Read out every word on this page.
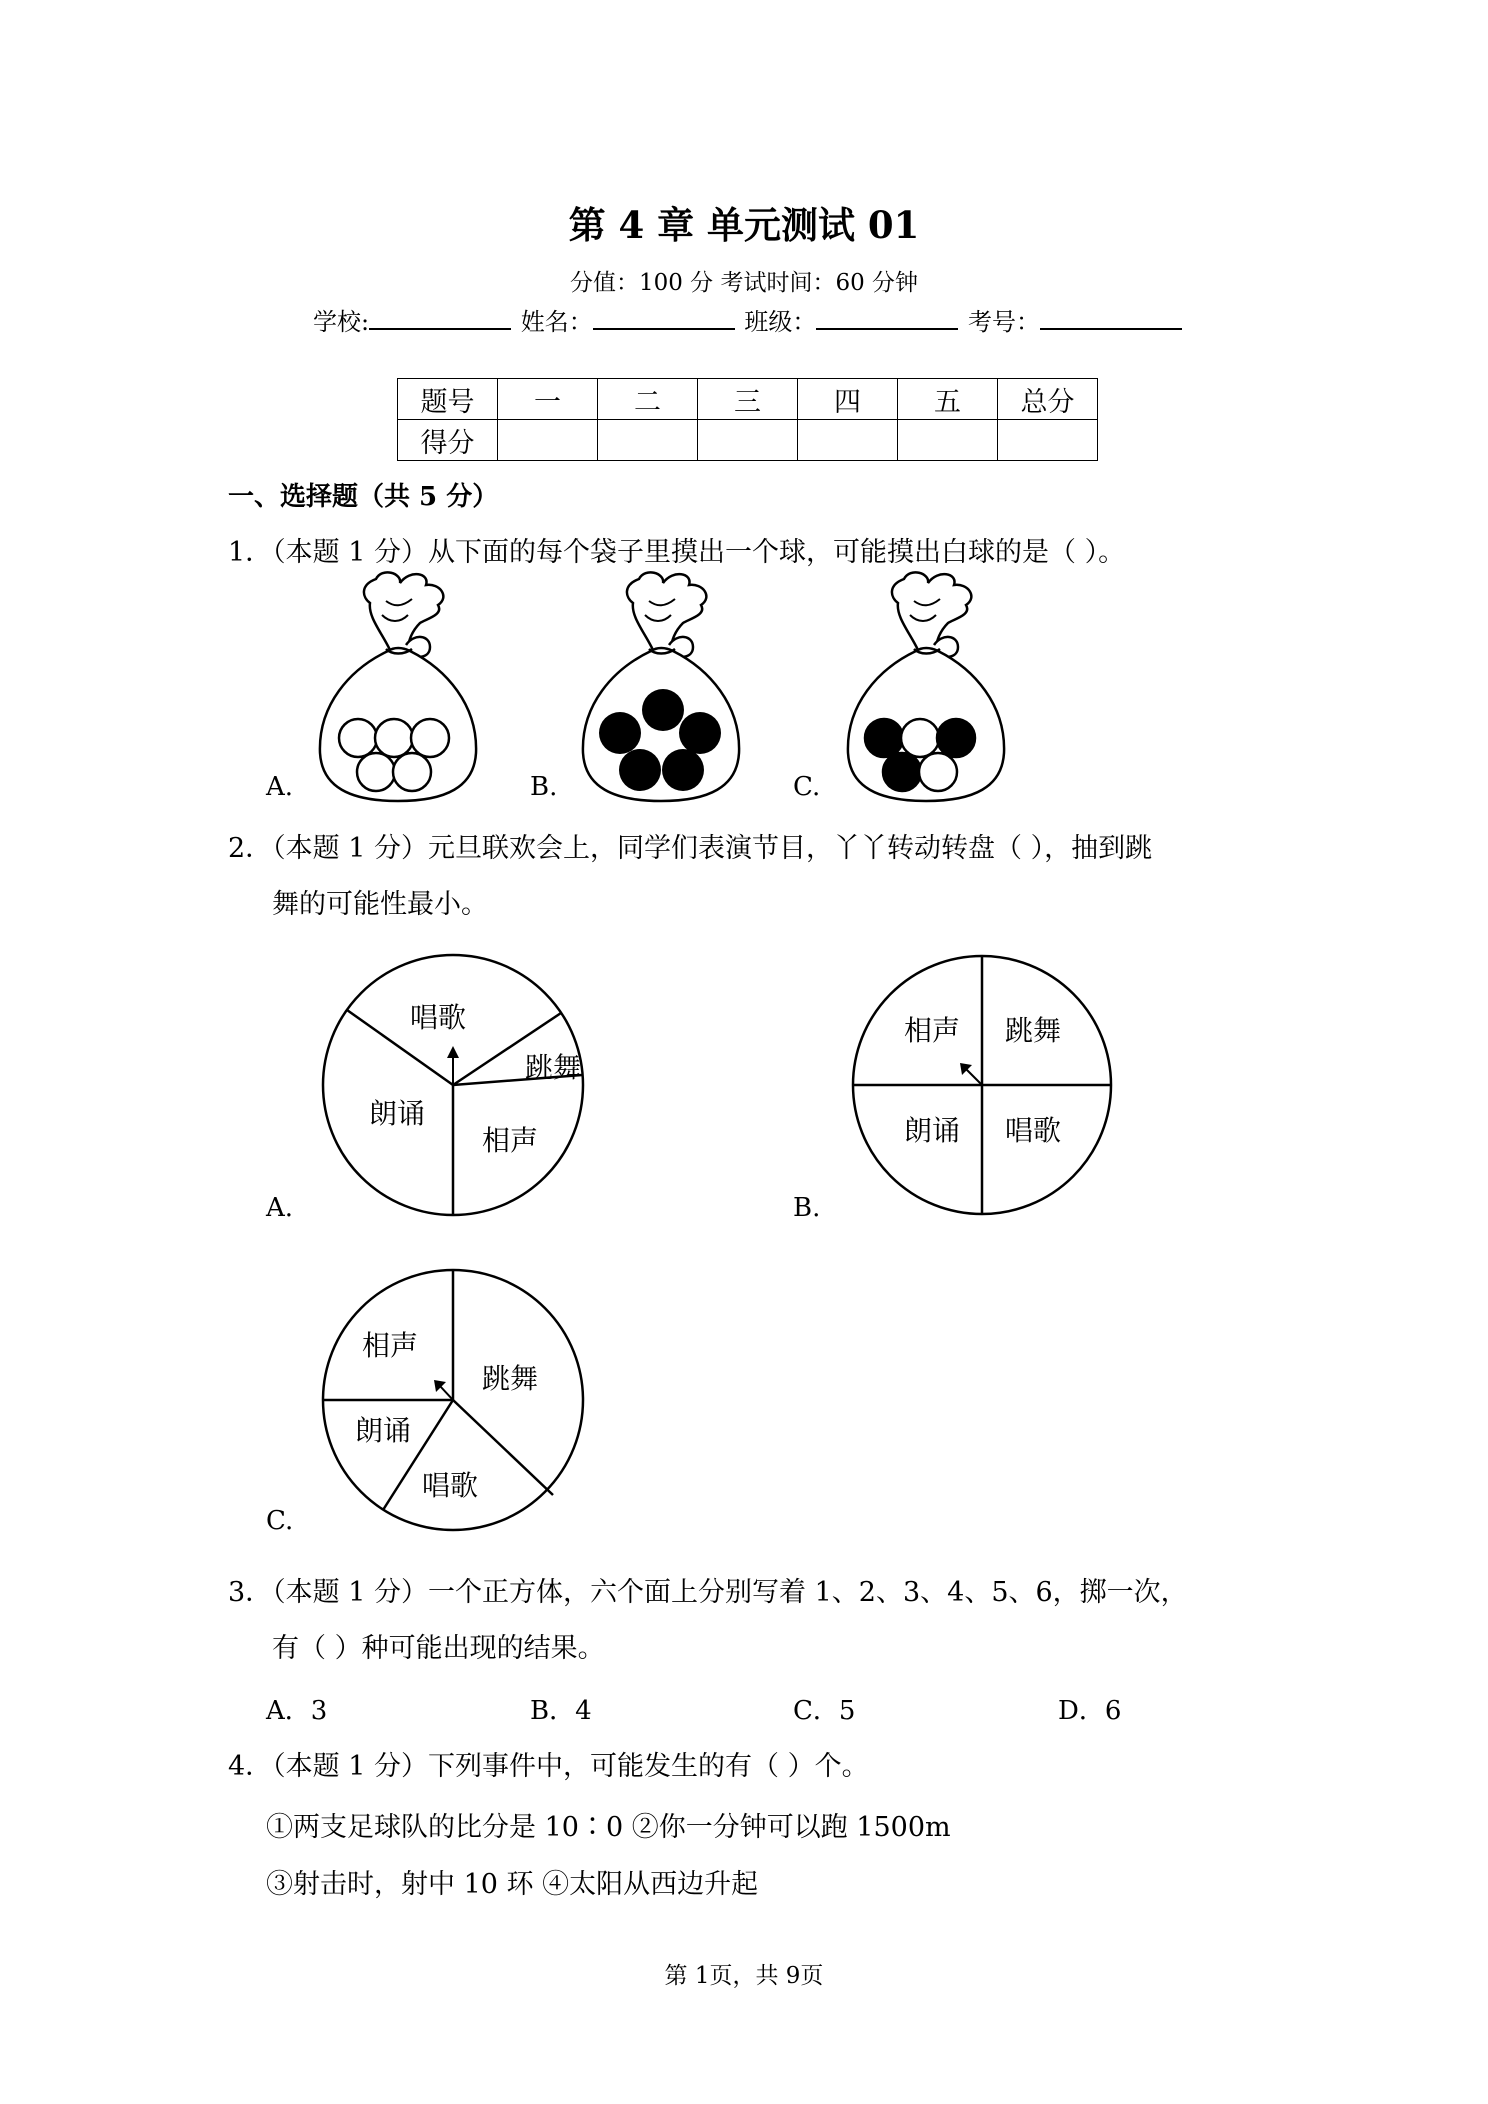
第 4 章 单元测试 01
分值：100 分 考试时间：60 分钟
学校:	姓名：	班级：	考号：
题号	一	二	三	四	五	总分
得分						
一、选择题（共 5 分）
1．（本题 1 分）从下面的每个袋子里摸出一个球，可能摸出白球的是（ ）。
A.	B.	C.
2．（本题 1 分）元旦联欢会上，同学们表演节目，丫丫转动转盘（ ），抽到跳
舞的可能性最小。
唱歌
跳舞
朗诵
相声
相声 跳舞
朗诵 唱歌
相声
跳舞
朗诵
唱歌
A.	B.
C.
3．（本题 1 分）一个正方体，六个面上分别写着 1、2、3、4、5、6，掷一次，
有（ ）种可能出现的结果。
A．3	B．4	C．5	D．6
4．（本题 1 分）下列事件中，可能发生的有（ ）个。
①两支足球队的比分是 10∶0 ②你一分钟可以跑 1500m
③射击时，射中 10 环 ④太阳从西边升起
第 1页，共 9页
